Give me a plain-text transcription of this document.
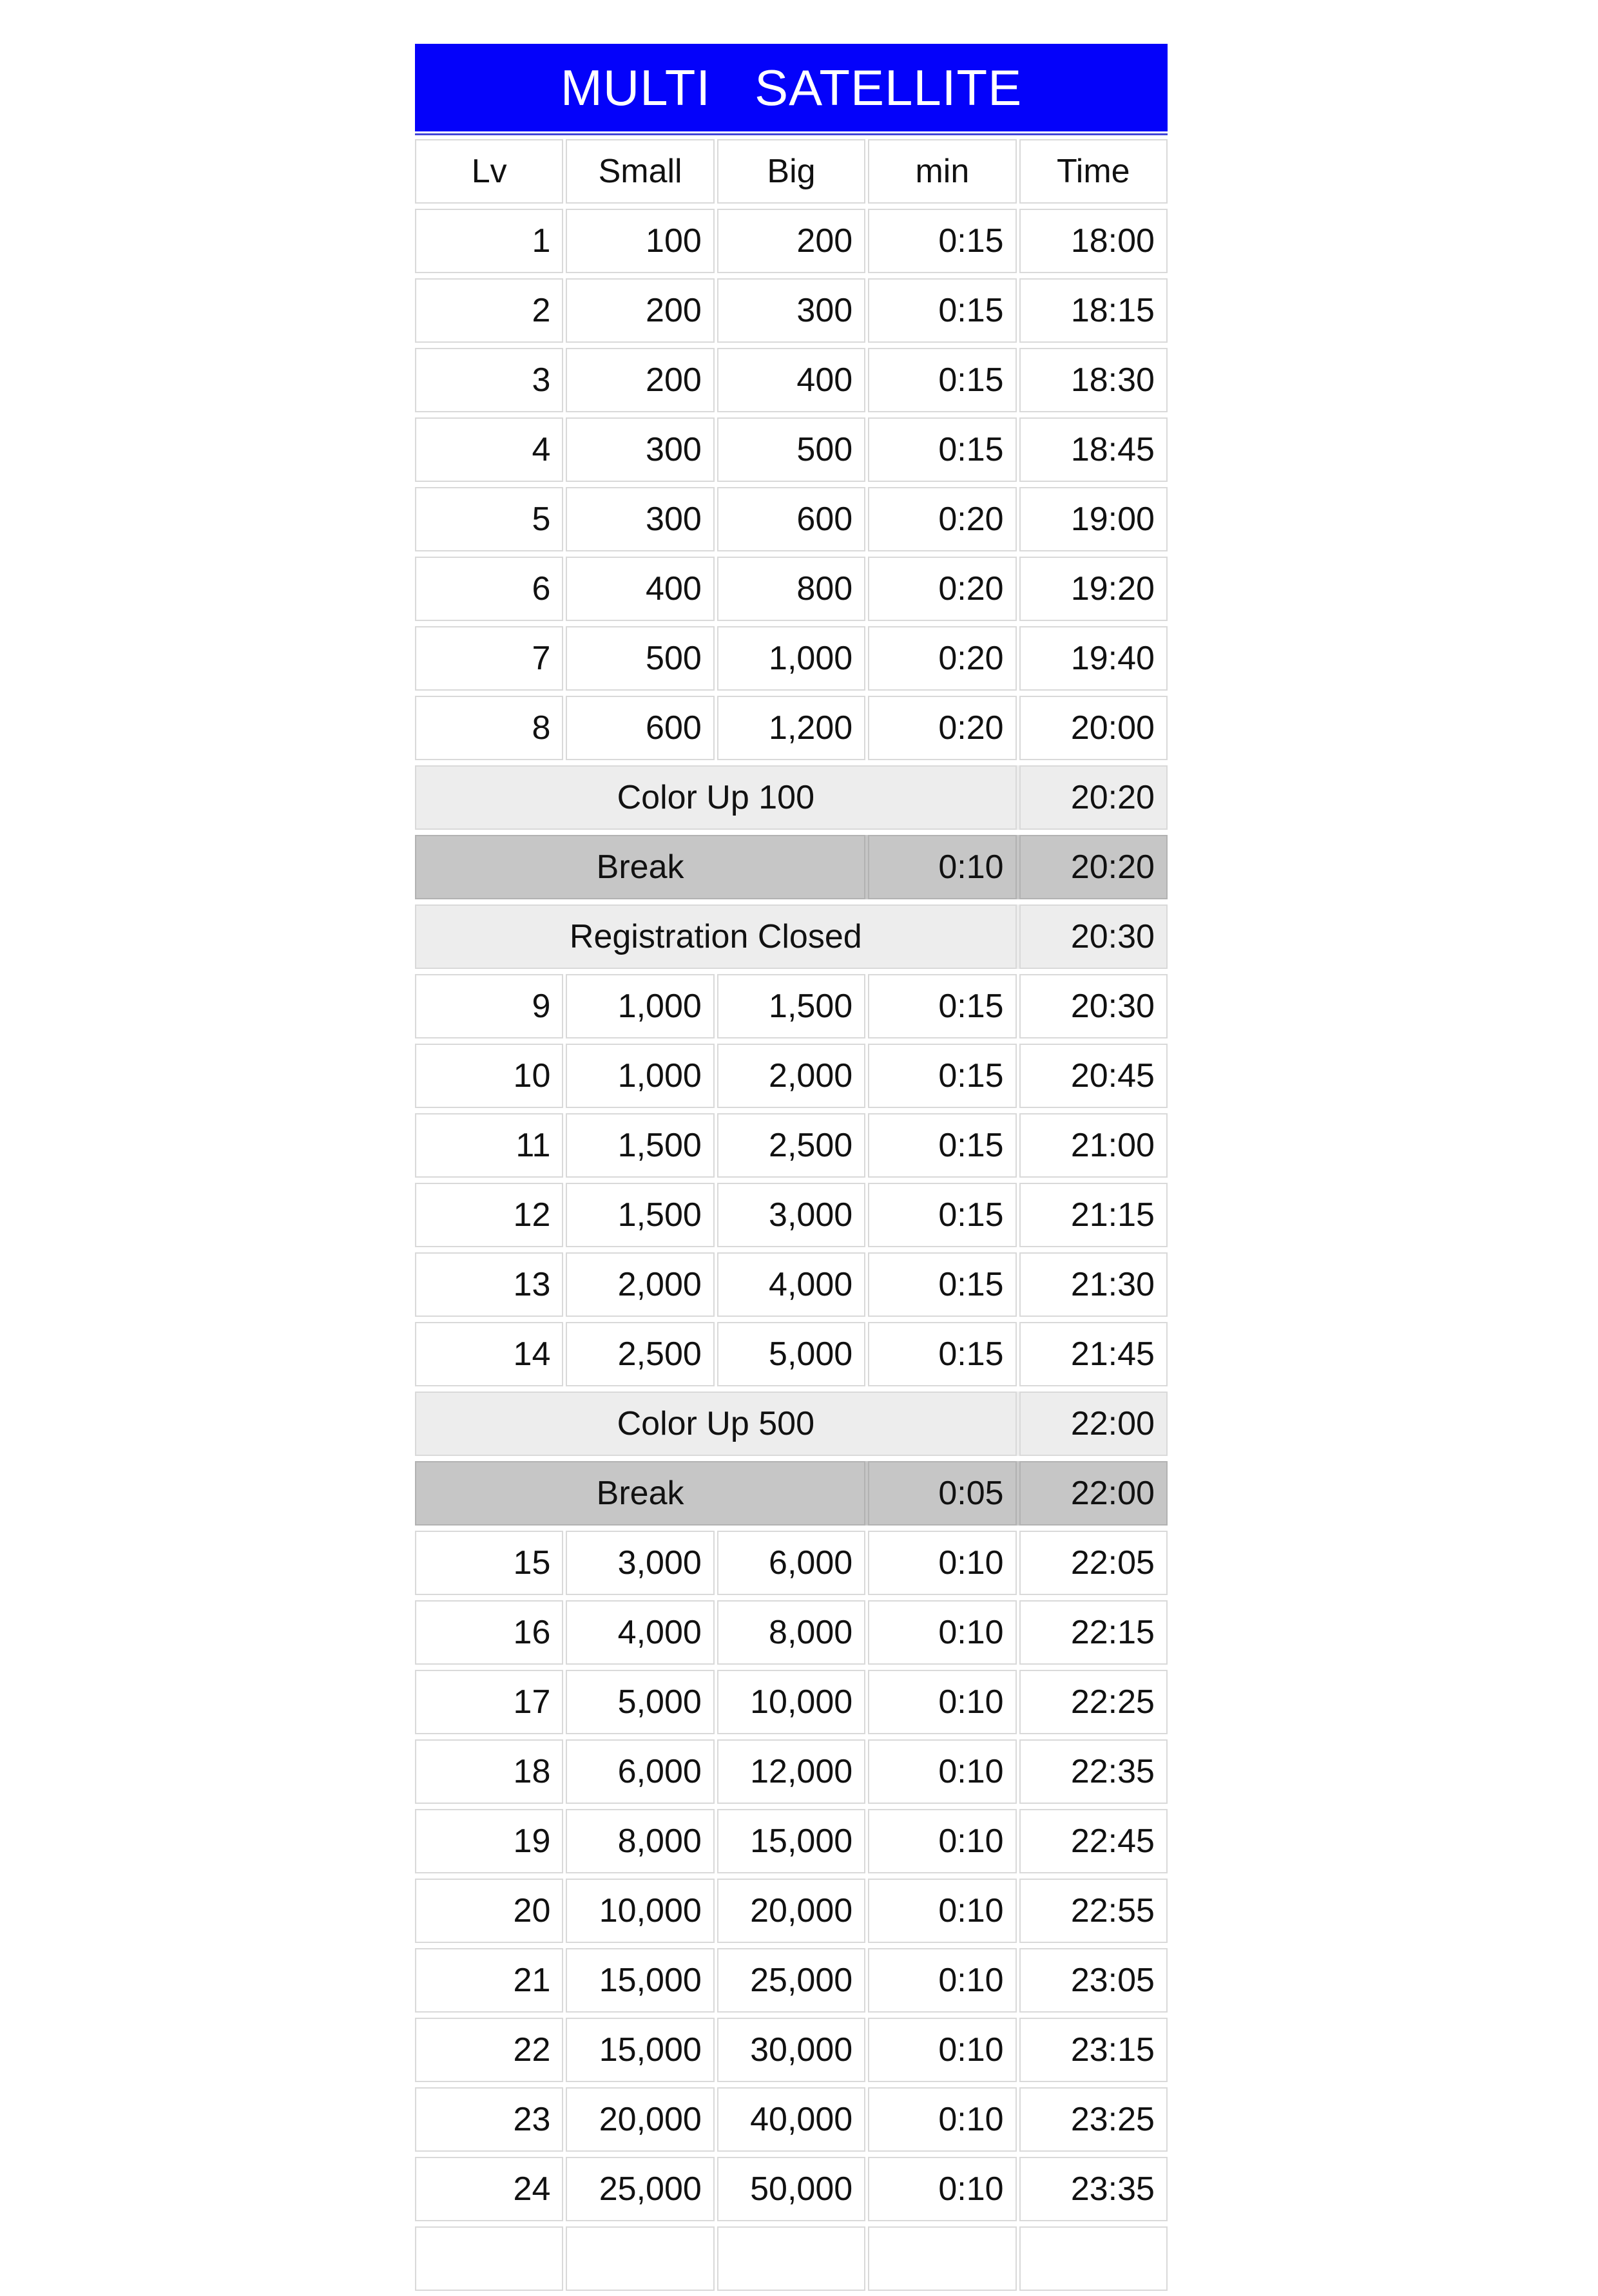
MULTI   SATELLITE
Lv	Small	Big	min	Time
1	100	200	0:15	18:00
2	200	300	0:15	18:15
3	200	400	0:15	18:30
4	300	500	0:15	18:45
5	300	600	0:20	19:00
6	400	800	0:20	19:20
7	500	1,000	0:20	19:40
8	600	1,200	0:20	20:00
Color Up 100	20:20
Break	0:10	20:20
Registration Closed	20:30
9	1,000	1,500	0:15	20:30
10	1,000	2,000	0:15	20:45
11	1,500	2,500	0:15	21:00
12	1,500	3,000	0:15	21:15
13	2,000	4,000	0:15	21:30
14	2,500	5,000	0:15	21:45
Color Up 500	22:00
Break	0:05	22:00
15	3,000	6,000	0:10	22:05
16	4,000	8,000	0:10	22:15
17	5,000	10,000	0:10	22:25
18	6,000	12,000	0:10	22:35
19	8,000	15,000	0:10	22:45
20	10,000	20,000	0:10	22:55
21	15,000	25,000	0:10	23:05
22	15,000	30,000	0:10	23:15
23	20,000	40,000	0:10	23:25
24	25,000	50,000	0:10	23:35
